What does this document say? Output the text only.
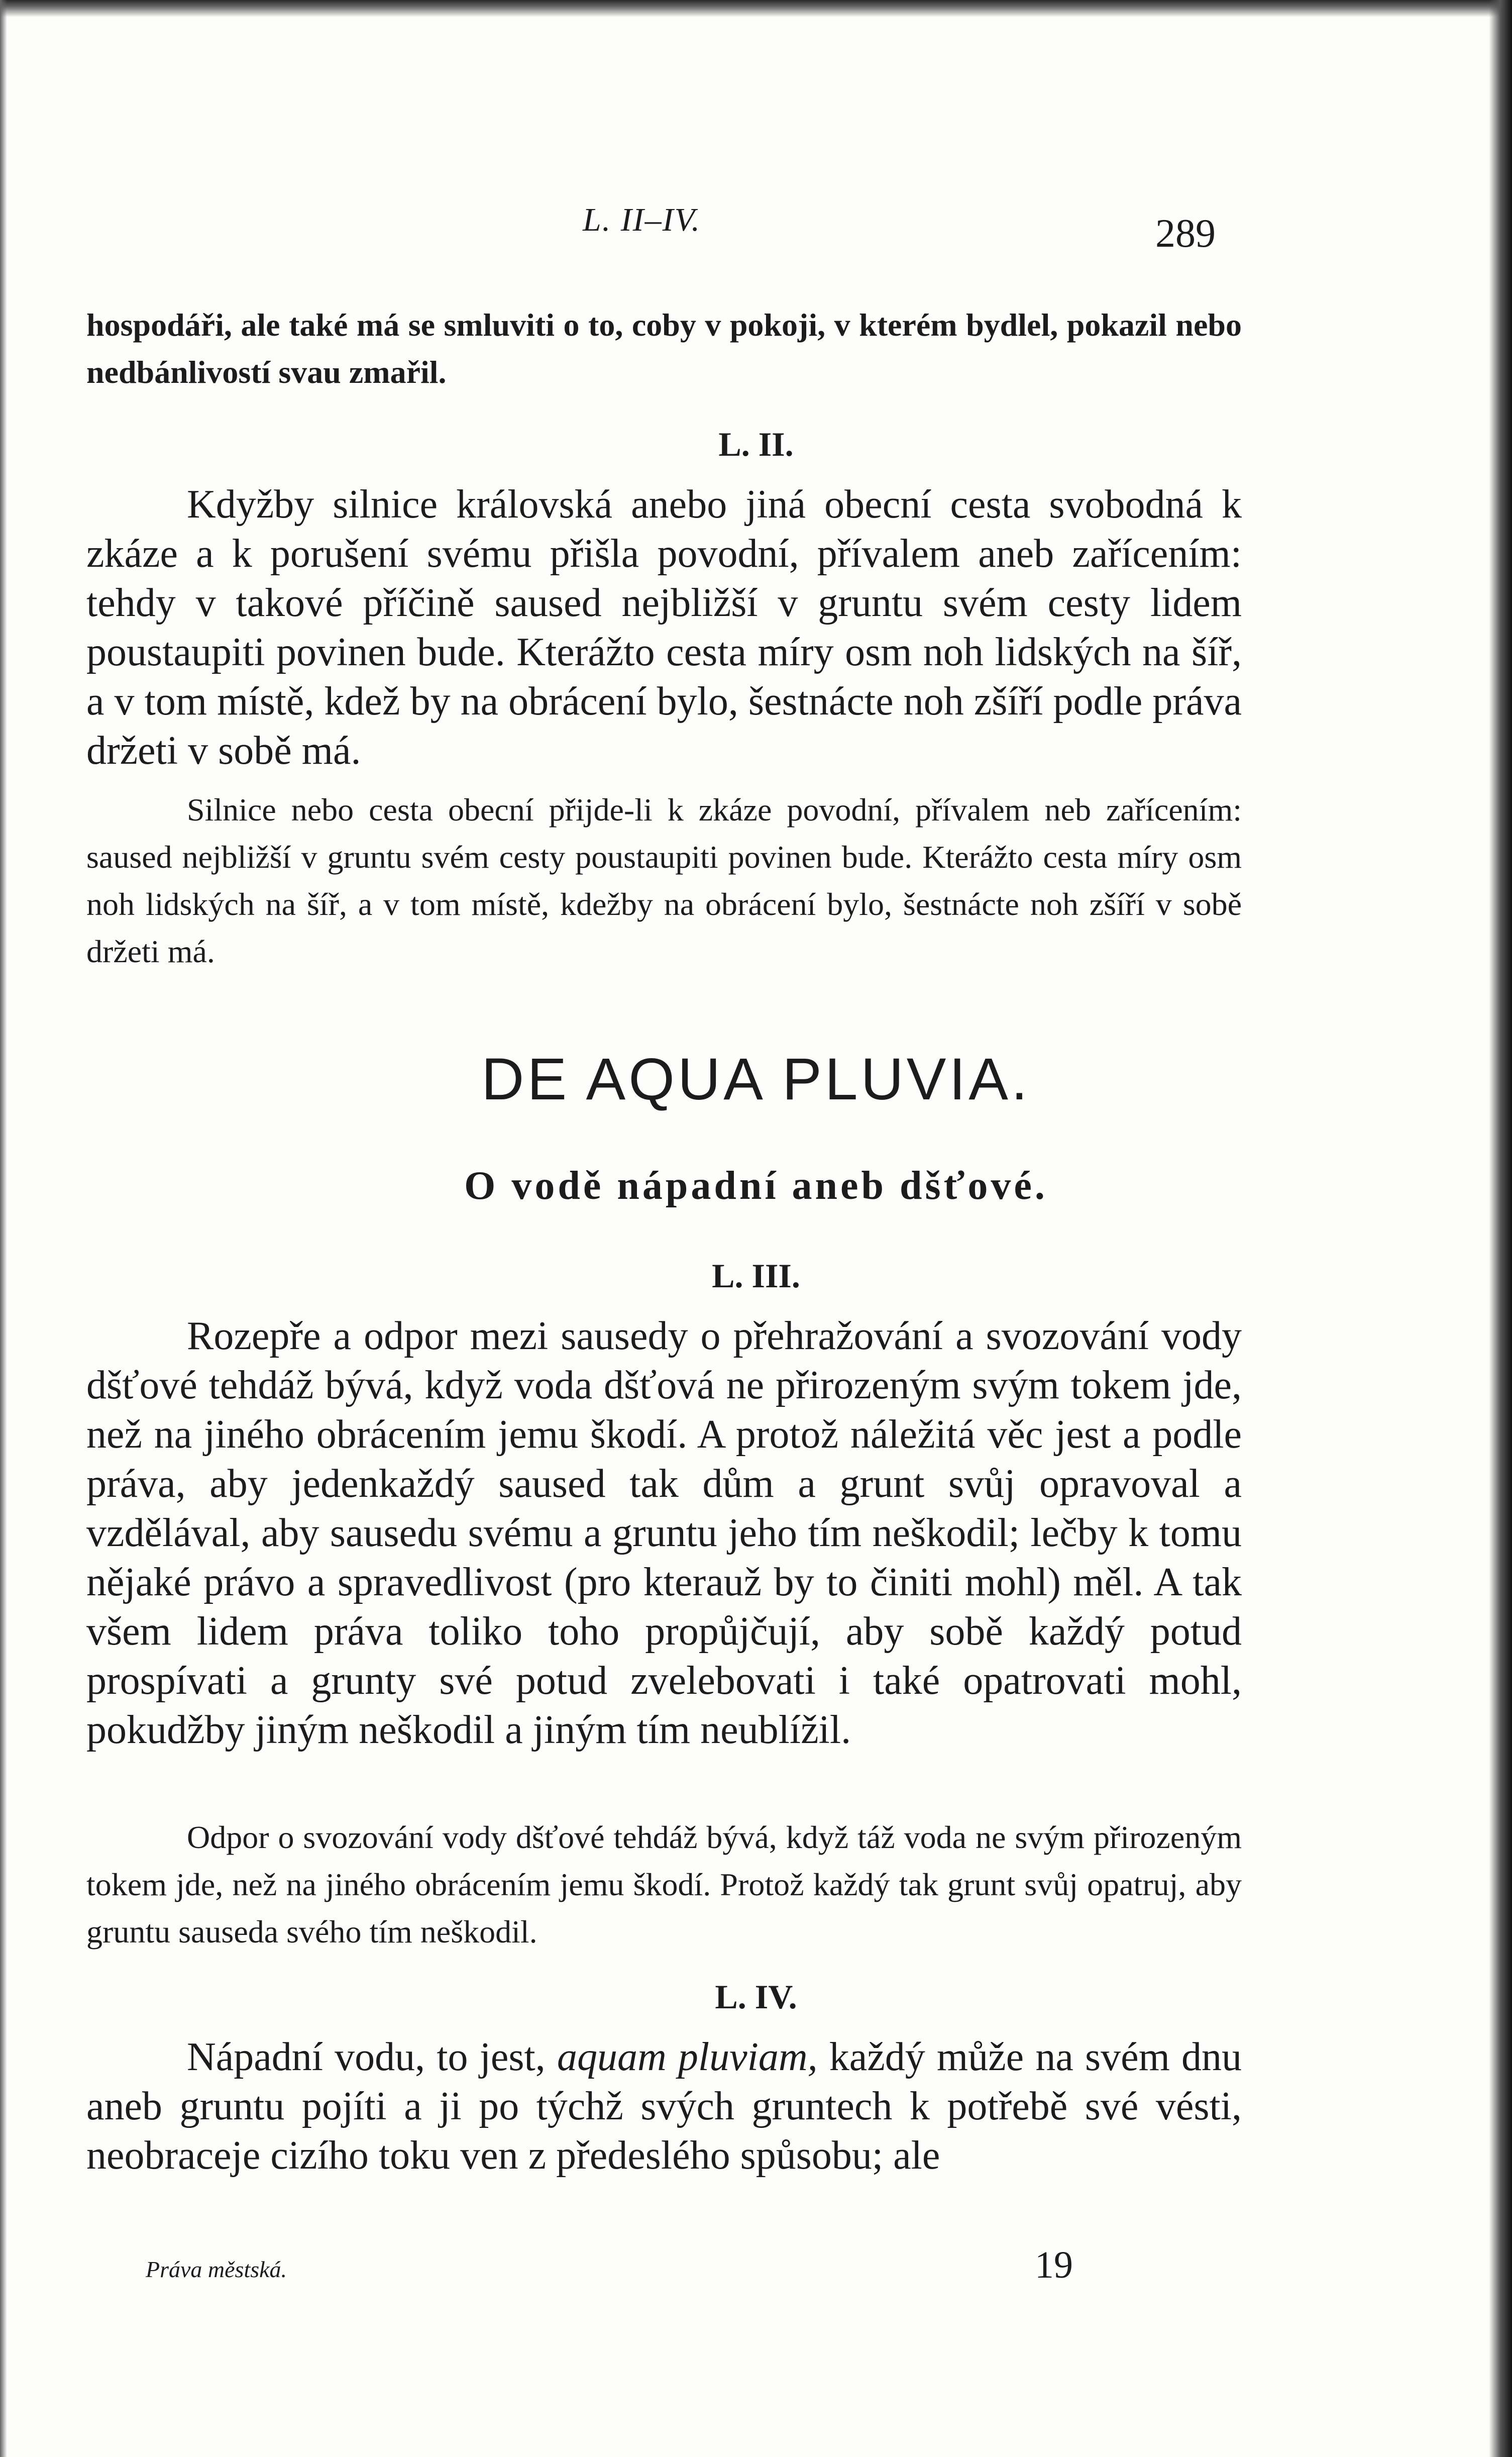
L. II–IV.	289

hospodáři, ale také má se smluviti o to, coby v pokoji, v kterém bydlel, pokazil nebo nedbánlivostí svau zmařil.

L. II.

Kdyžby silnice královská anebo jiná obecní cesta svobodná k zkáze a k porušení svému přišla povodní, přívalem aneb zařícením: tehdy v takové příčině saused nejbližší v gruntu svém cesty lidem poustaupiti povinen bude. Kterážto cesta míry osm noh lidských na šíř, a v tom místě, kdež by na obrácení bylo, šestnácte noh zšíří podle práva držeti v sobě má.

Silnice nebo cesta obecní přijde-li k zkáze povodní, přívalem neb zařícením: saused nejbližší v gruntu svém cesty poustaupiti povinen bude. Kterážto cesta míry osm noh lidských na šíř, a v tom místě, kdežby na obrácení bylo, šestnácte noh zšíří v sobě držeti má.

DE AQUA PLUVIA.
O vodě nápadní aneb dšťové.
L. III.

Rozepře a odpor mezi sausedy o přehražování a svozování vody dšťové tehdáž bývá, když voda dšťová ne přirozeným svým tokem jde, než na jiného obrácením jemu škodí. A protož náležitá věc jest a podle práva, aby jedenkaždý saused tak dům a grunt svůj opravoval a vzdělával, aby sausedu svému a gruntu jeho tím neškodil; lečby k tomu nějaké právo a spravedlivost (pro kterauž by to činiti mohl) měl. A tak všem lidem práva toliko toho propůjčují, aby sobě každý potud prospívati a grunty své potud zvelebovati i také opatrovati mohl, pokudžby jiným neškodil a jiným tím neublížil.

Odpor o svozování vody dšťové tehdáž bývá, když táž voda ne svým přirozeným tokem jde, než na jiného obrácením jemu škodí. Protož každý tak grunt svůj opatruj, aby gruntu sauseda svého tím neškodil.

L. IV.

Nápadní vodu, to jest, aquam pluviam, každý může na svém dnu aneb gruntu pojíti a ji po týchž svých gruntech k potřebě své vésti, neobraceje cizího toku ven z předeslého spůsobu; ale

Práva městská.	19
